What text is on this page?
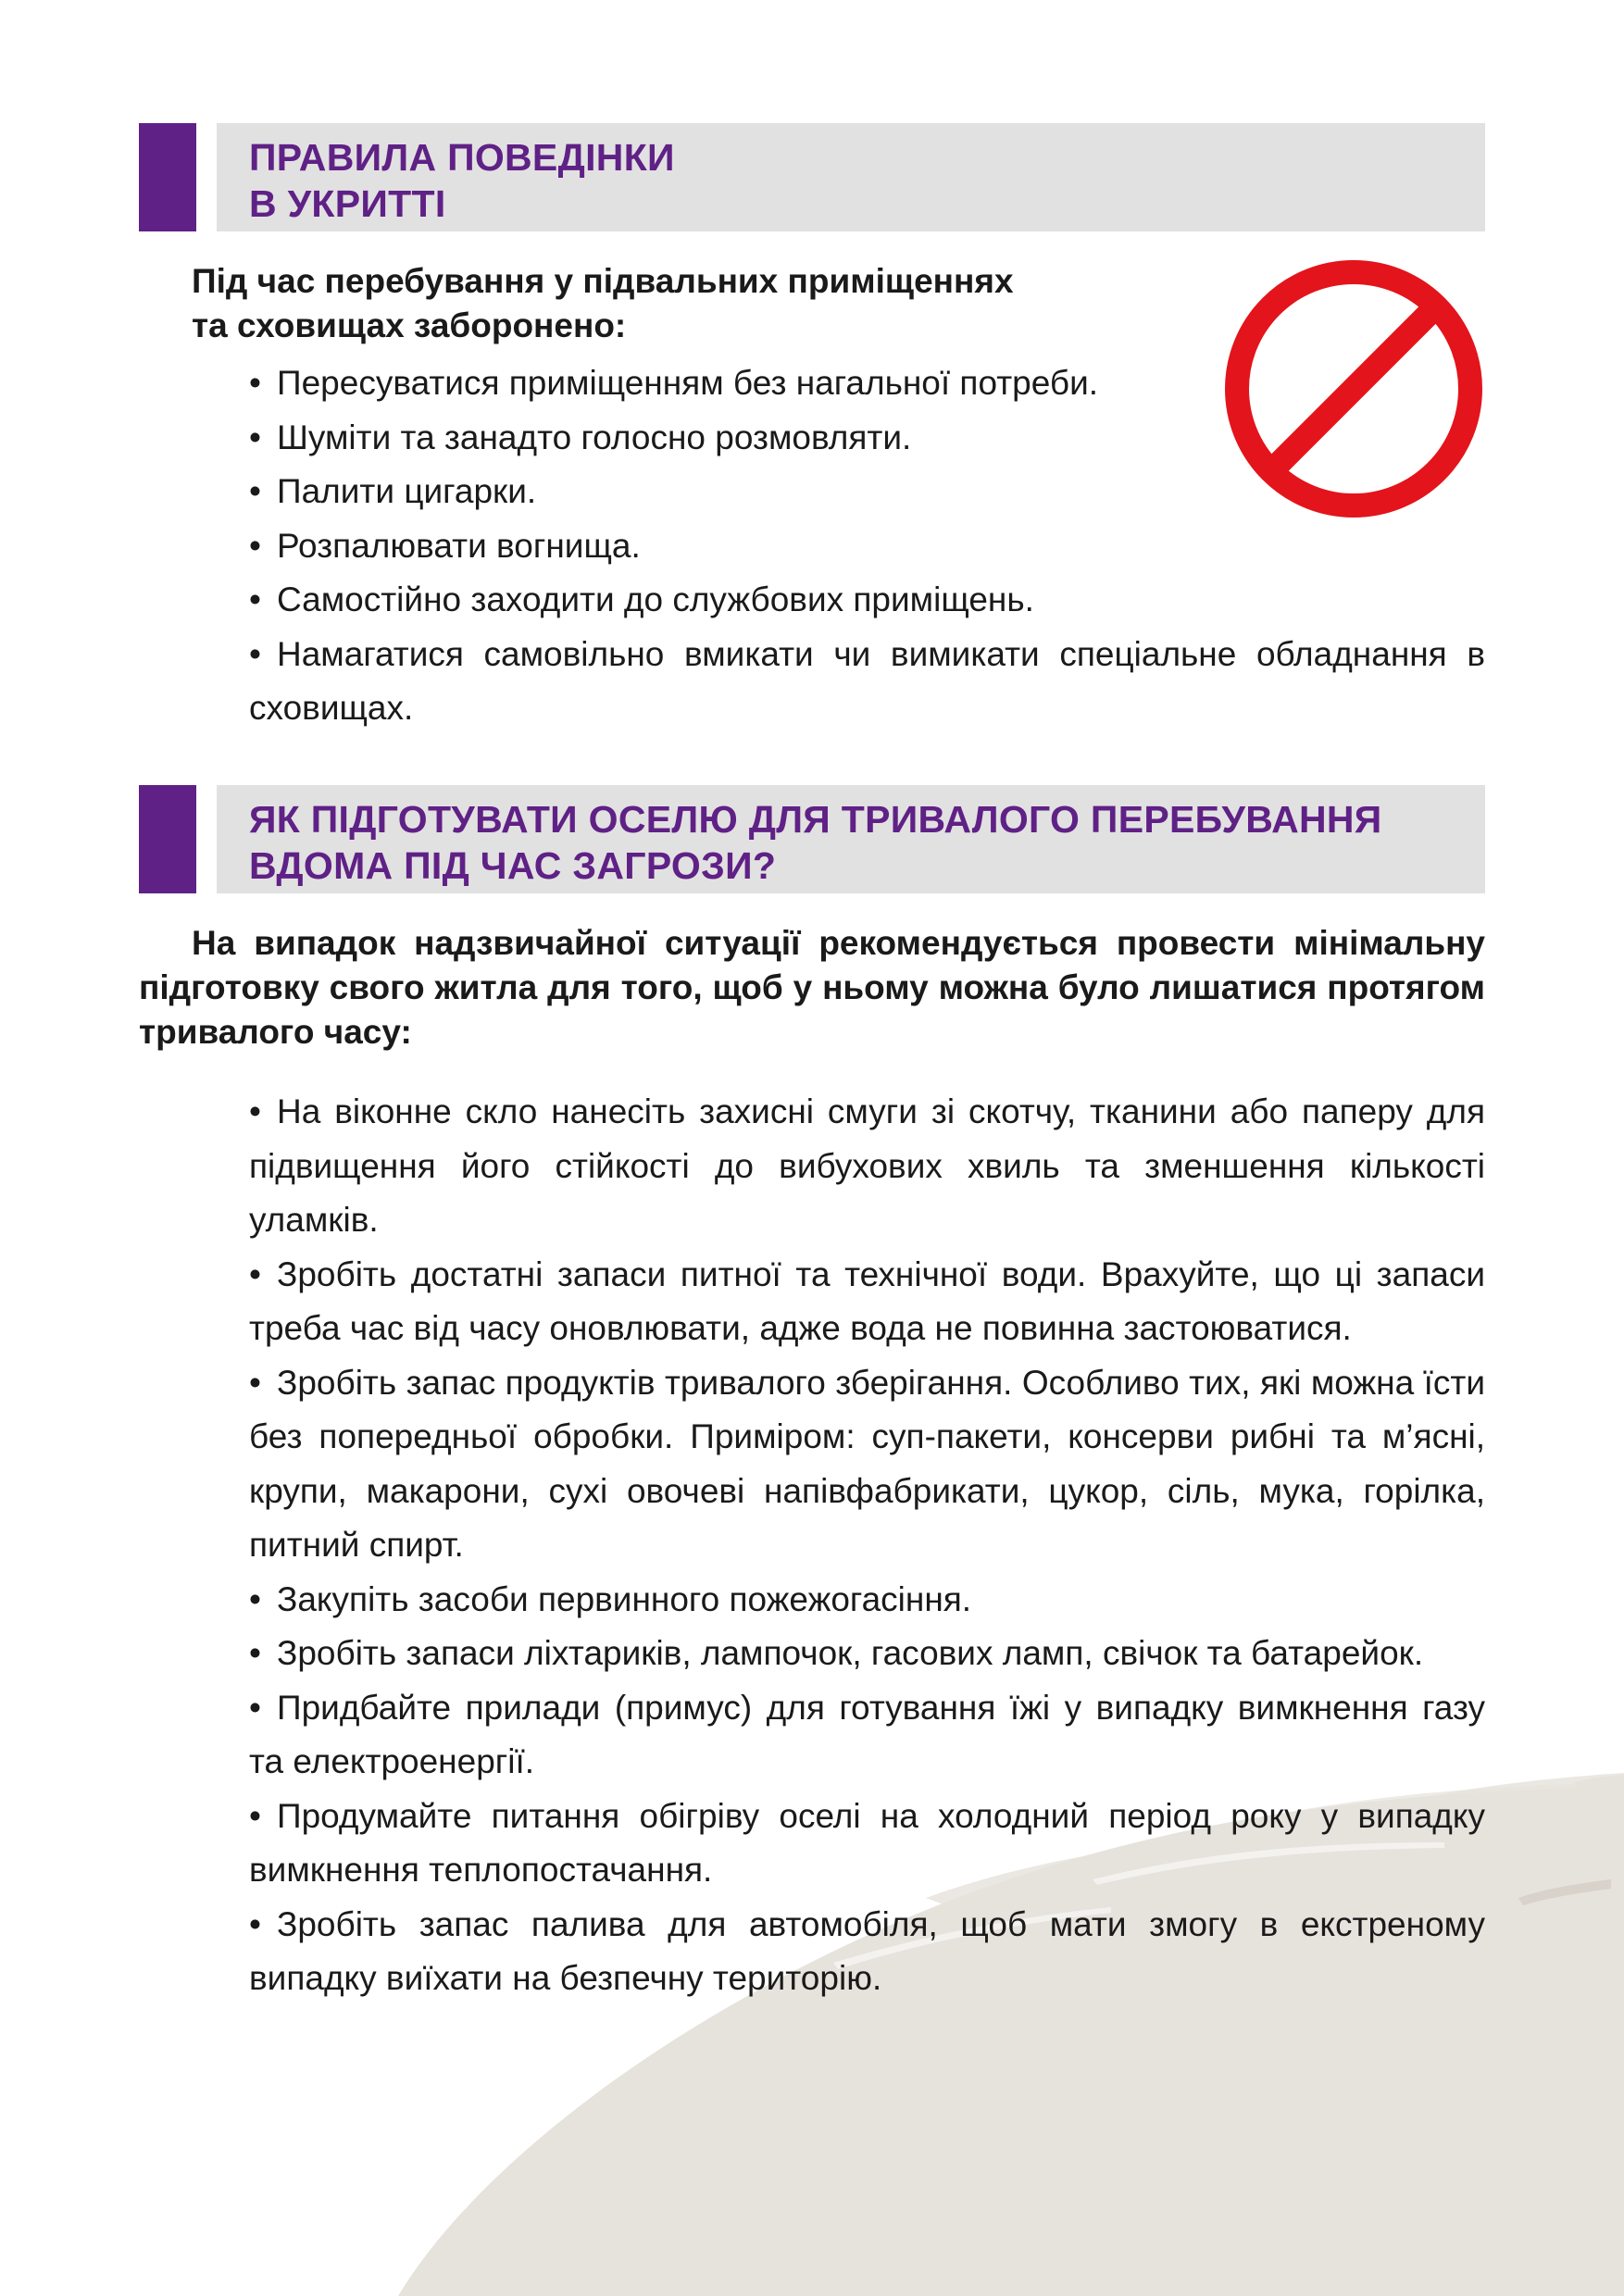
ПРАВИЛА ПОВЕДІНКИ
В УКРИТТІ
Під час перебування у підвальних приміщеннях
та сховищах заборонено:
• Пересуватися приміщенням без нагальної потреби.
• Шуміти та занадто голосно розмовляти.
• Палити цигарки.
• Розпалювати вогнища.
• Самостійно заходити до службових приміщень.
• Намагатися самовільно вмикати чи вимикати спеціальне обладнання в сховищах.
ЯК ПІДГОТУВАТИ ОСЕЛЮ ДЛЯ ТРИВАЛОГО ПЕРЕБУВАННЯ
ВДОМА ПІД ЧАС ЗАГРОЗИ?
На випадок надзвичайної ситуації рекомендується провести мінімальну підготовку свого житла для того, щоб у ньому можна було лишатися протягом тривалого часу:
• На віконне скло нанесіть захисні смуги зі скотчу, тканини або паперу для підвищення його стійкості до вибухових хвиль та зменшення кількості уламків.
• Зробіть достатні запаси питної та технічної води. Врахуйте, що ці запаси треба час від часу оновлювати, адже вода не повинна застоюватися.
• Зробіть запас продуктів тривалого зберігання. Особливо тих, які можна їсти без попередньої обробки. Приміром: суп-пакети, консерви рибні та м’ясні, крупи, макарони, сухі овочеві напівфабрикати, цукор, сіль, мука, горілка, питний спирт.
• Закупіть засоби первинного пожежогасіння.
• Зробіть запаси ліхтариків, лампочок, гасових ламп, свічок та батарейок.
• Придбайте прилади (примус) для готування їжі у випадку вимкнення газу та електроенергії.
• Продумайте питання обігріву оселі на холодний період року у випадку вимкнення теплопостачання.
• Зробіть запас палива для автомобіля, щоб мати змогу в екстреному випадку виїхати на безпечну територію.
